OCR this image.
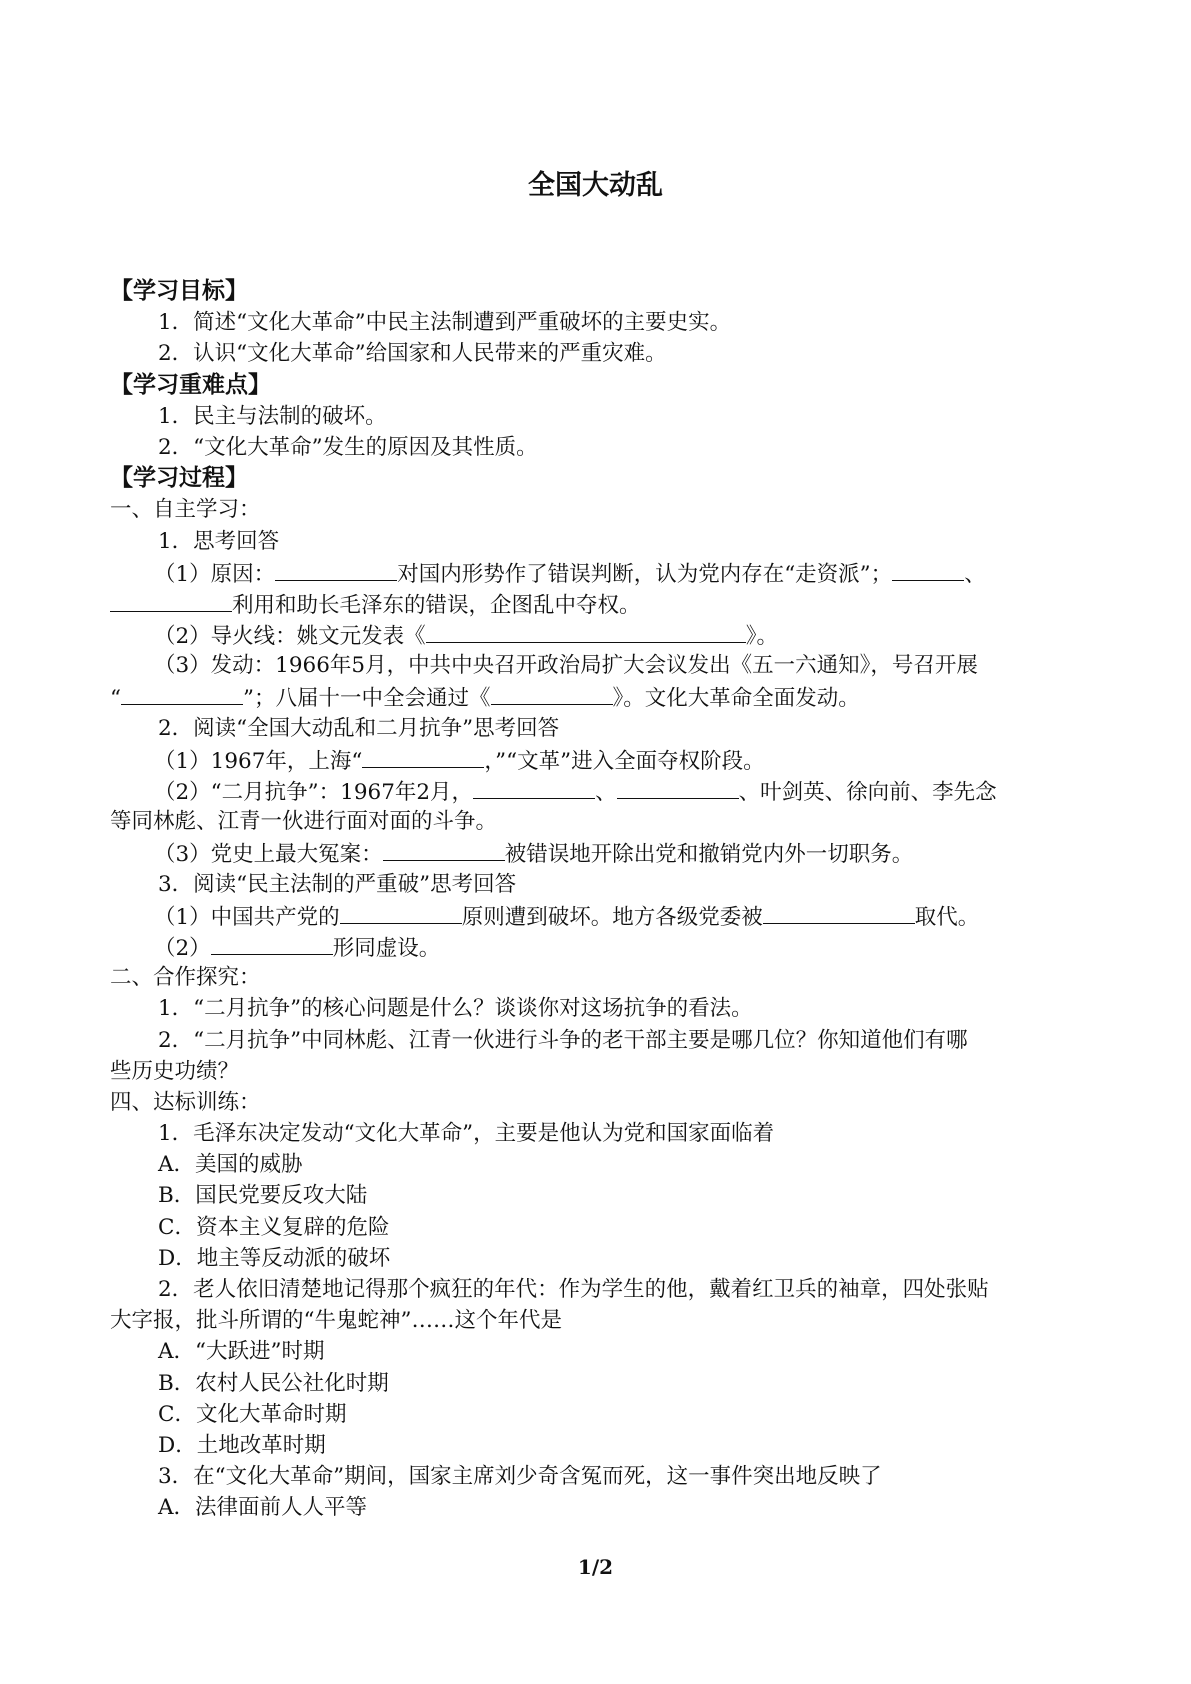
全国大动乱
【学习目标】
1．简述“文化大革命”中民主法制遭到严重破坏的主要史实。
2．认识“文化大革命”给国家和人民带来的严重灾难。
【学习重难点】
1．民主与法制的破坏。
2．“文化大革命”发生的原因及其性质。
【学习过程】
一、自主学习：
1．思考回答
（1）原因：	对国内形势作了错误判断，认为党内存在“走资派”；	、
利用和助长毛泽东的错误，企图乱中夺权。
（2）导火线：姚文元发表《	》。
（3）发动：1966年5月，中共中央召开政治局扩大会议发出《五一六通知》，号召开展
“	”；八届十一中全会通过《	》。文化大革命全面发动。
2．阅读“全国大动乱和二月抗争”思考回答
（1）1967年，上海“	，”“文革”进入全面夺权阶段。
（2）“二月抗争”：1967年2月，	、	、叶剑英、徐向前、李先念
等同林彪、江青一伙进行面对面的斗争。
（3）党史上最大冤案：	被错误地开除出党和撤销党内外一切职务。
3．阅读“民主法制的严重破”思考回答
（1）中国共产党的	原则遭到破坏。地方各级党委被	取代。
（2）	形同虚设。
二、合作探究：
1．“二月抗争”的核心问题是什么？谈谈你对这场抗争的看法。
2．“二月抗争”中同林彪、江青一伙进行斗争的老干部主要是哪几位？你知道他们有哪
些历史功绩？
四、达标训练：
1．毛泽东决定发动“文化大革命”，主要是他认为党和国家面临着
A．美国的威胁
B．国民党要反攻大陆
C．资本主义复辟的危险
D．地主等反动派的破坏
2．老人依旧清楚地记得那个疯狂的年代：作为学生的他，戴着红卫兵的袖章，四处张贴
大字报，批斗所谓的“牛鬼蛇神”……这个年代是
A．“大跃进”时期
B．农村人民公社化时期
C．文化大革命时期
D．土地改革时期
3．在“文化大革命”期间，国家主席刘少奇含冤而死，这一事件突出地反映了
A．法律面前人人平等
1/2
